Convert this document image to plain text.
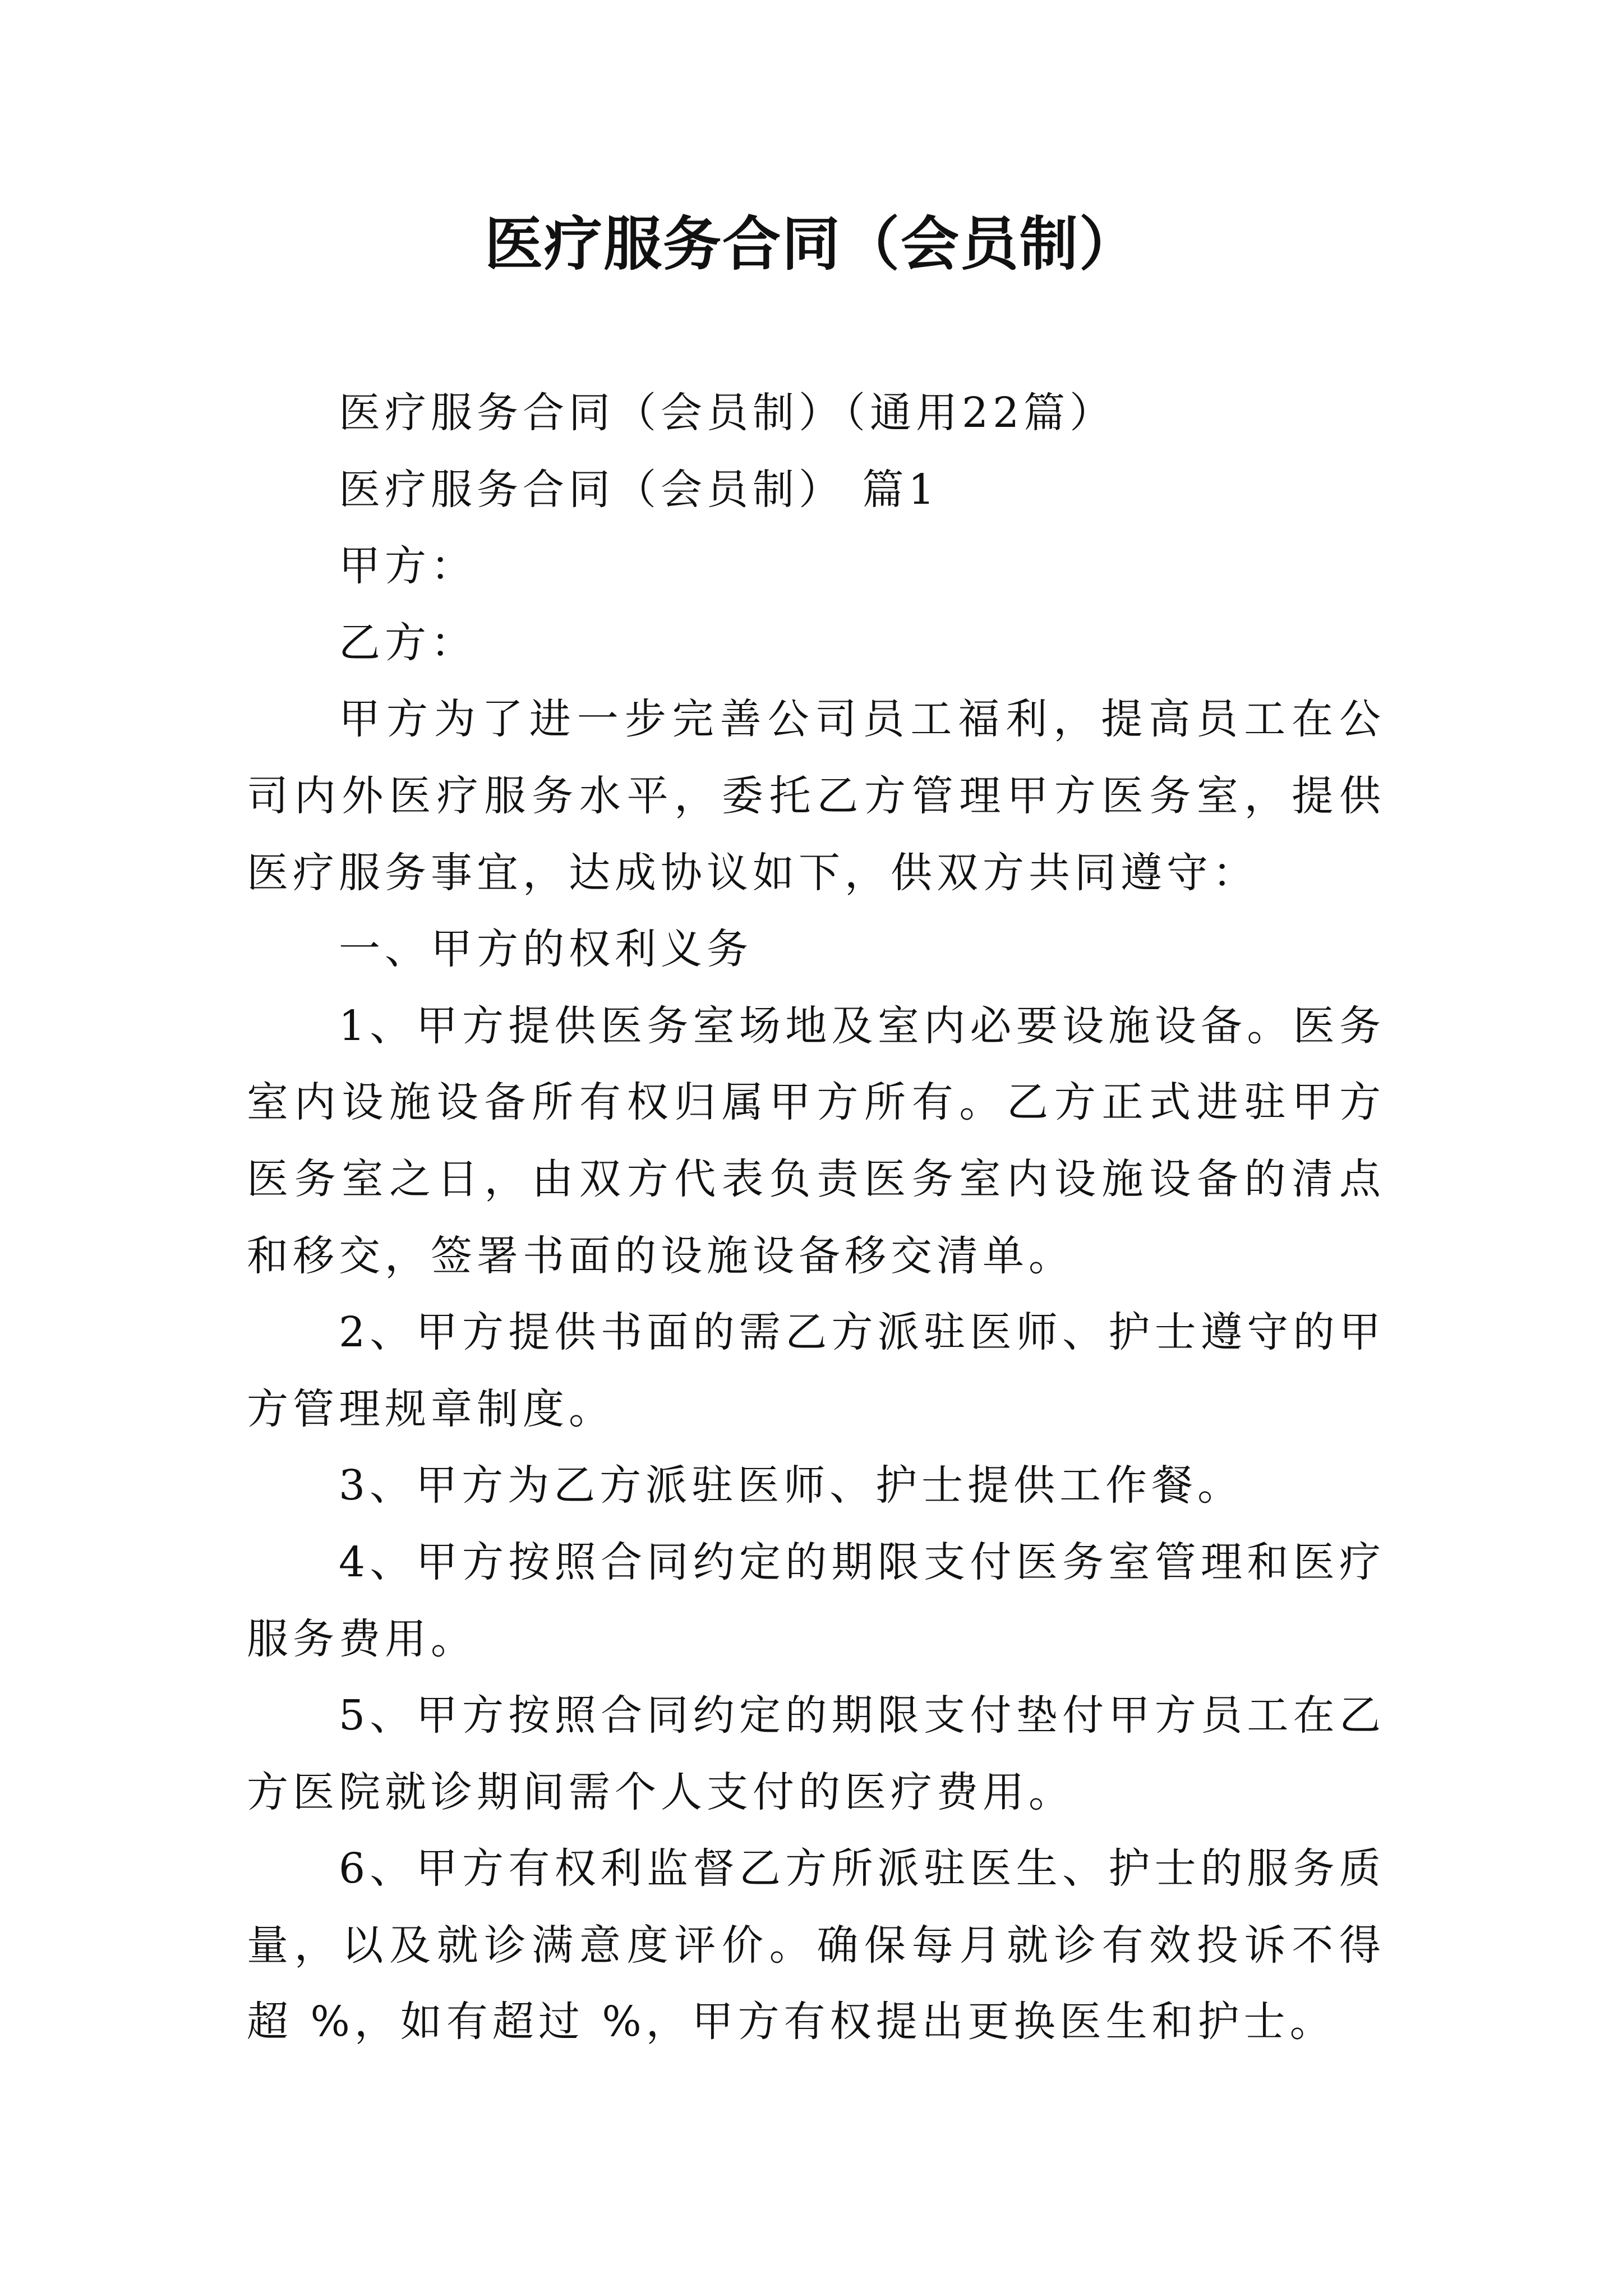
医疗服务合同（会员制）

医疗服务合同（会员制）（通用22篇）

医疗服务合同（会员制） 篇1

甲方：

乙方：

甲方为了进一步完善公司员工福利，提高员工在公司内外医疗服务水平，委托乙方管理甲方医务室，提供医疗服务事宜，达成协议如下，供双方共同遵守：

一、甲方的权利义务

1、甲方提供医务室场地及室内必要设施设备。医务室内设施设备所有权归属甲方所有。乙方正式进驻甲方医务室之日，由双方代表负责医务室内设施设备的清点和移交，签署书面的设施设备移交清单。

2、甲方提供书面的需乙方派驻医师、护士遵守的甲方管理规章制度。

3、甲方为乙方派驻医师、护士提供工作餐。

4、甲方按照合同约定的期限支付医务室管理和医疗服务费用。

5、甲方按照合同约定的期限支付垫付甲方员工在乙方医院就诊期间需个人支付的医疗费用。

6、甲方有权利监督乙方所派驻医生、护士的服务质量，以及就诊满意度评价。确保每月就诊有效投诉不得超 %，如有超过 %，甲方有权提出更换医生和护士。
